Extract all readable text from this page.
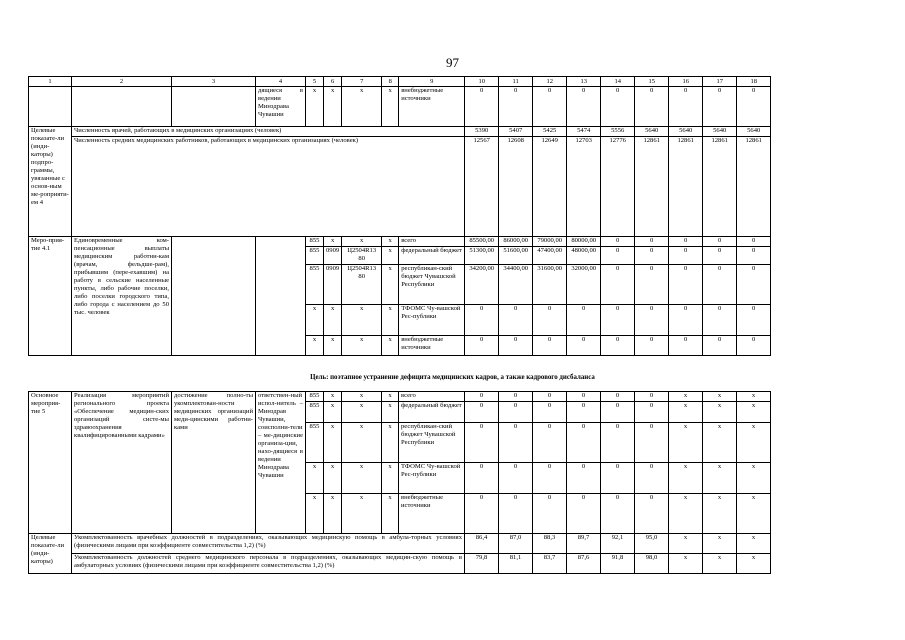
97
1	2	3	4	5	6	7	8	9	10	11	12	13	14	15	16	17	18
			дящиеся в ведении Минздрава Чувашии	x	x	x	x	внебюджетные источники	0	0	0	0	0	0	0	0	0
Целевые показате-ли (инди-каторы) подпро-граммы, увязанные с основ-ным ме-роприяти-ем 4	Численность врачей, работающих в медицинских организациях (человек)								5390	5407	5425	5474	5556	5640	5640	5640	5640
	Численность средних медицинских работников, работающих в медицинских организациях (человек)								12567	12608	12649	12703	12776	12861	12861	12861	12861
Меро-прия-тие 4.1	Единовременные ком-пенсационные выплаты медицинским работни-кам (врачам, фельдше-рам), прибывшим (пере-ехавшим) на работу в сельские населенные пункты, либо рабочие поселки, либо поселки городского типа, либо города с населением до 50 тыс. человек			855	x	x	x	всего	85500,00	86000,00	79000,00	80000,00	0	0	0	0	0
				855	0909	Ц2504R13 80	x	федеральный бюджет	51300,00	51600,00	47400,00	48000,00	0	0	0	0	0
				855	0909	Ц2504R13 80	x	республикан-ский бюджет Чувашской Республики	34200,00	34400,00	31600,00	32000,00	0	0	0	0	0
				x	x	x	x	ТФОМС Чу-вашской Рес-публики	0	0	0	0	0	0	0	0	0
				x	x	x	x	внебюджетные источники	0	0	0	0	0	0	0	0	0
Цель: поэтапное устранение дефицита медицинских кадров, а также кадрового дисбаланса
Основное мероприя-тие 5	Реализация мероприятий регионального проекта «Обеспечение медицин-ских организаций систе-мы здравоохранения квалифицированными кадрами»	достижение полно-ты укомплектован-ности медицинских организаций меди-цинскими работни-ками	ответствен-ный испол-нитель – Минздрав Чувашии, соисполни-тели – ме-дицинские организа-ции, нахо-дящиеся в ведении Минздрава Чувашии	855	x	x	x	всего	0	0	0	0	0	0	x	x	x
				855	x	x	x	федеральный бюджет	0	0	0	0	0	0	x	x	x
				855	x	x	x	республикан-ский бюджет Чувашской Республики	0	0	0	0	0	0	x	x	x
				x	x	x	x	ТФОМС Чу-вашской Рес-публики	0	0	0	0	0	0	x	x	x
				x	x	x	x	внебюджетные источники	0	0	0	0	0	0	x	x	x
Целевые показате-ли (инди-каторы)	Укомплектованность врачебных должностей в подразделениях, оказывающих медицинскую помощь в амбула-торных условиях (физическими лицами при коэффициенте совместительства 1,2) (%)								86,4	87,0	88,3	89,7	92,1	95,0	x	x	x
	Укомплектованность должностей среднего медицинского персонала в подразделениях, оказывающих медицин-скую помощь в амбулаторных условиях (физическими лицами при коэффициенте совместительства 1,2) (%)								79,8	81,1	83,7	87,6	91,8	98,0	x	x	x
